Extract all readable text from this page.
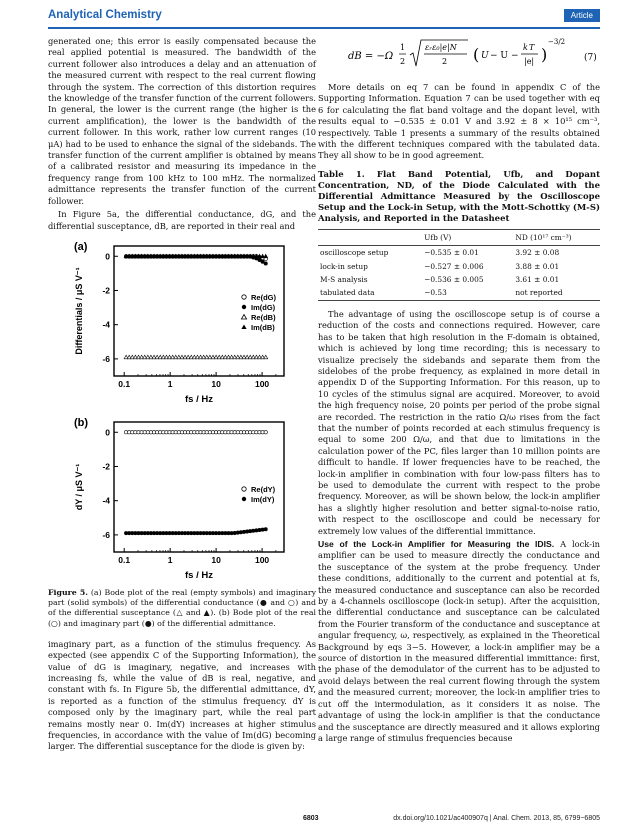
Analytical Chemistry	Article

generated one; this error is easily compensated because the real applied potential is measured. The bandwidth of the current follower also introduces a delay and an attenuation of the measured current with respect to the real current flowing through the system. The correction of this distortion requires the knowledge of the transfer function of the current followers. In general, the lower is the current range (the higher is the current amplification), the lower is the bandwidth of the current follower. In this work, rather low current ranges (10 μA) had to be used to enhance the signal of the sidebands. The transfer function of the current amplifier is obtained by means of a calibrated resistor and measuring its impedance in the frequency range from 100 kHz to 100 mHz. The normalized admittance represents the transfer function of the current follower.

In Figure 5a, the differential conductance, dG, and the differential susceptance, dB, are reported in their real and

(a)
Differentials / μS V⁻¹
fs / Hz
0
-2
-4
-6
0.1	1	10	100
Re(dG)
Im(dG)
Re(dB)
Im(dB)
(b)
dY / μS V⁻¹
fs / Hz
0
-2
-4
-6
0.1	1	10	100
Re(dY)
Im(dY)
Figure 5. (a) Bode plot of the real (empty symbols) and imaginary part (solid symbols) of the differential conductance (● and ○) and of the differential susceptance (△ and ▲). (b) Bode plot of the real (○) and imaginary part (●) of the differential admittance.

imaginary part, as a function of the stimulus frequency. As expected (see appendix C of the Supporting Information), the value of dG is imaginary, negative, and increases with increasing fs, while the value of dB is real, negative, and constant with fs. In Figure 5b, the differential admittance, dY, is reported as a function of the stimulus frequency. dY is composed only by the imaginary part, while the real part remains mostly near 0. Im(dY) increases at higher stimulus frequencies, in accordance with the value of Im(dG) becoming larger. The differential susceptance for the diode is given by:

dB = −Ω
1
2
εᵣε₀|e|N
2 ( U − U −
k T
|e| )
−3/2
(7)

More details on eq 7 can be found in appendix C of the Supporting Information. Equation 7 can be used together with eq 6 for calculating the flat band voltage and the dopant level, with results equal to −0.535 ± 0.01 V and 3.92 ± 8 × 10¹⁵ cm⁻³, respectively. Table 1 presents a summary of the results obtained with the different techniques compared with the tabulated data. They all show to be in good agreement.

Table 1. Flat Band Potential, Ufb, and Dopant Concentration, ND, of the Diode Calculated with the Differential Admittance Measured by the Oscilloscope Setup and the Lock-in Setup, with the Mott-Schottky (M-S) Analysis, and Reported in the Datasheet
	Ufb (V)	ND (10¹⁷ cm⁻³)
oscilloscope setup	−0.535 ± 0.01	3.92 ± 0.08
lock-in setup	−0.527 ± 0.006	3.88 ± 0.01
M-S analysis	−0.536 ± 0.005	3.61 ± 0.01
tabulated data	−0.53	not reported

The advantage of using the oscilloscope setup is of course a reduction of the costs and connections required. However, care has to be taken that high resolution in the F-domain is obtained, which is achieved by long time recording; this is necessary to visualize precisely the sidebands and separate them from the sidelobes of the probe frequency, as explained in more detail in appendix D of the Supporting Information. For this reason, up to 10 cycles of the stimulus signal are acquired. Moreover, to avoid the high frequency noise, 20 points per period of the probe signal are recorded. The restriction in the ratio Ω/ω rises from the fact that the number of points recorded at each stimulus frequency is equal to some 200 Ω/ω, and that due to limitations in the calculation power of the PC, files larger than 10 million points are difficult to handle. If lower frequencies have to be reached, the lock-in amplifier in combination with four low-pass filters has to be used to demodulate the current with respect to the probe frequency. Moreover, as will be shown below, the lock-in amplifier has a slightly higher resolution and better signal-to-noise ratio, with respect to the oscilloscope and could be necessary for extremely low values of the differential immittance.

Use of the Lock-in Amplifier for Measuring the IDIS. A lock-in amplifier can be used to measure directly the conductance and the susceptance of the system at the probe frequency. Under these conditions, additionally to the current and potential at fs, the measured conductance and susceptance can also be recorded by a 4-channels oscilloscope (lock-in setup). After the acquisition, the differential conductance and susceptance can be calculated from the Fourier transform of the conductance and susceptance at angular frequency, ω, respectively, as explained in the Theoretical Background by eqs 3−5. However, a lock-in amplifier may be a source of distortion in the measured differential immittance: first, the phase of the demodulator of the current has to be adjusted to avoid delays between the real current flowing through the system and the measured current; moreover, the lock-in amplifier tries to cut off the intermodulation, as it considers it as noise. The advantage of using the lock-in amplifier is that the conductance and the susceptance are directly measured and it allows exploring a large range of stimulus frequencies because

6803	dx.doi.org/10.1021/ac400907q | Anal. Chem. 2013, 85, 6799−6805
